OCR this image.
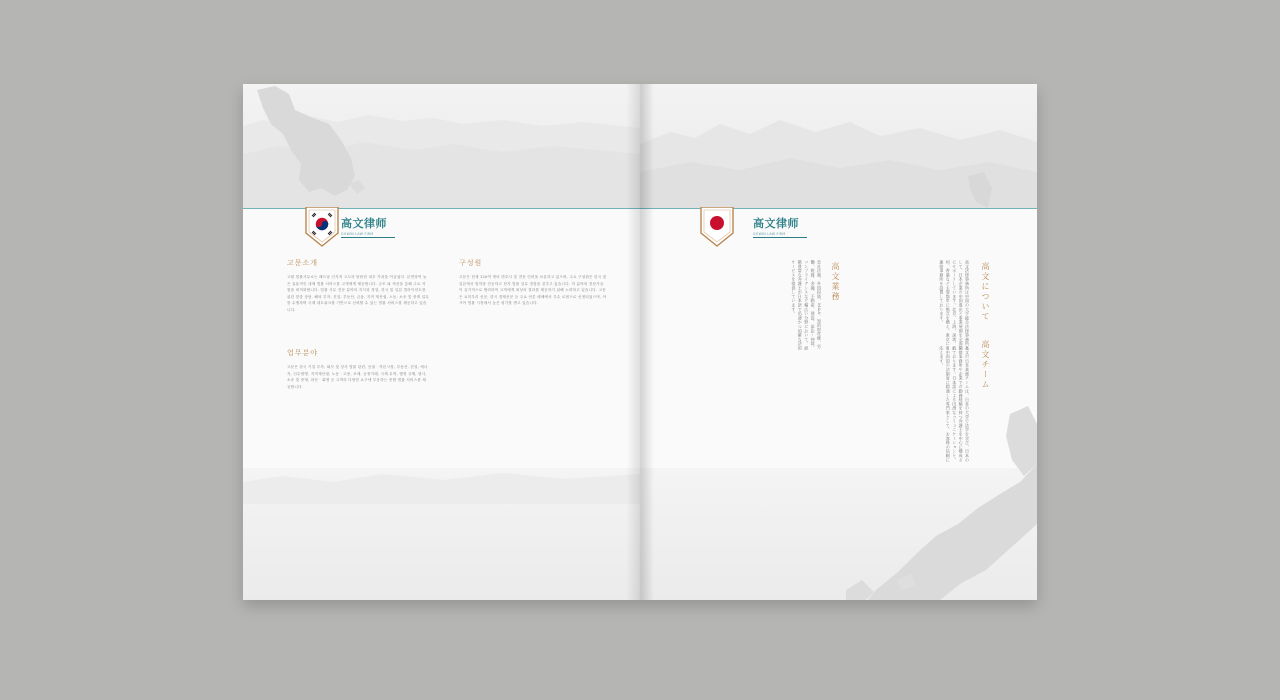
高文律师
GOWIN LAW FIRM
고문소개
고원 법률사무소는 베트남 인지적 고도의 탄탄한 대우 가치을 이끌었다. 본연하여 높은 효율적인 대체 법률 서비스를 고객에게 제공합니다. 규모 와 혁신을 통해 주요 자원을 최적화합니다. 법률 사무 전문 분야의 지식과 경험, 한국 및 일본 클라이언트를 위한 맞춤 상담. 해외 투자, 건설, 부동산, 금융, 지적 재산권, 노동, 소송 및 중재 업무를 수행하며 국제 네트워크를 기반으로 신뢰할 수 있는 법률 서비스를 제공하고 있습니다.
업무분야
고문은 한국 기업 투자, 회사 및 상사 법률 관련, 증권 · 자본시장, 부동산, 건설, 에너지, 인수합병, 지적재산권, 노동 · 고용, 조세, 공정거래, 국제 무역, 행정 규제, 형사, 소송 및 중재, 파산 · 회생 등 고객의 다양한 요구에 부응하는 종합 법률 서비스를 제공합니다.
구성원
고문은 현재 120여 명의 변호사 및 전문 인력을 보유하고 있으며, 주요 구성원은 한국 및 일본에서 법학을 전공하고 현지 법률 실무 경험을 갖추고 있습니다. 각 분야의 전문가들이 유기적으로 협력하여 고객에게 최상의 결과를 제공하기 위해 노력하고 있습니다. 고문은 요미우리 신문, 한국 경제신문 등 주요 언론 매체에서 우수 로펌으로 선정되었으며, 아시아 법률 시장에서 높은 평가를 받고 있습니다.
高文律师
GOWIN LAW FIRM
高文について
高文法律事務所は中国の大手総合法律事務所として、日本企業の中国進出と事業展開を全面的にサポートしています。北京、上海、深圳、広州、香港など主要都市に拠点を構え、東京にも連絡事務所を設置しております。
高文業務
会社法務、外国投資、M&A、知的財産権、労働、税務、金融、不動産、建設、訴訟・仲裁、コンプライアンスなど幅広い分野において、経験豊富な弁護士が日本語で迅速かつ的確な法的サービスを提供しています。
高文チーム
高文の日本業務チームは、日本の大学で法学を学び、日本の法律事務所や企業での勤務経験を持つ弁護士を中心に構成されております。日本語による円滑なコミュニケーションと、日中両国の法制度に精通した専門家として、お客様の信頼に応えます。
